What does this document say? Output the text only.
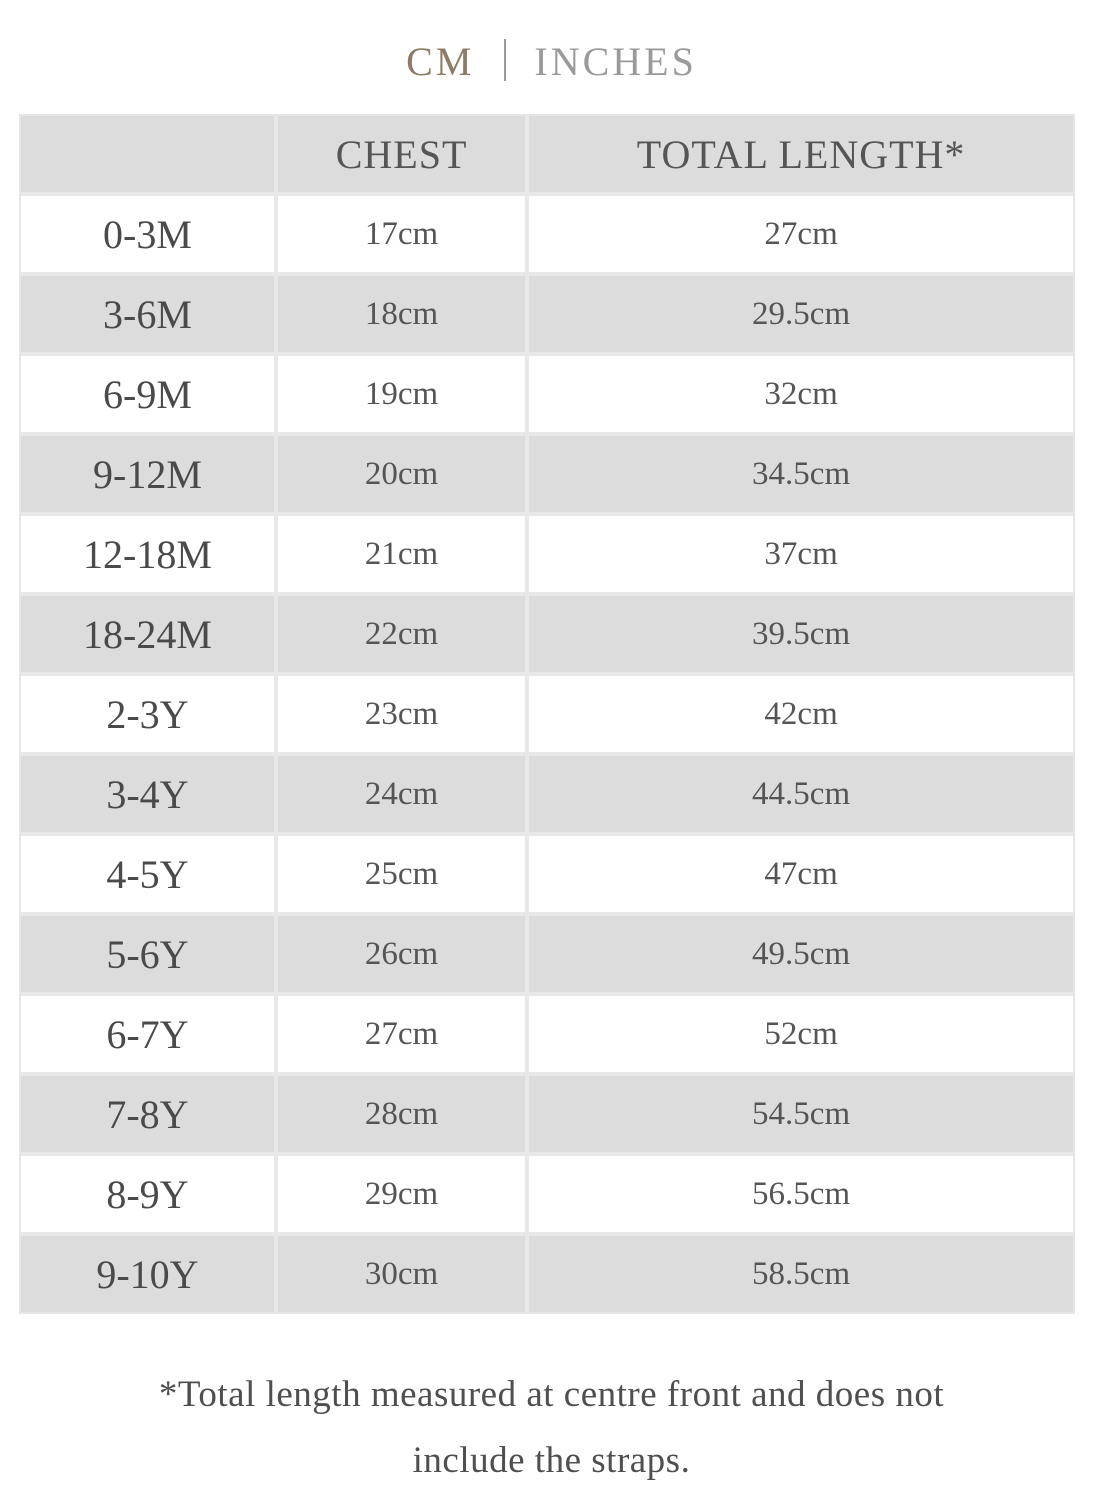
CM INCHES
	CHEST	TOTAL LENGTH*
0-3M	17cm	27cm
3-6M	18cm	29.5cm
6-9M	19cm	32cm
9-12M	20cm	34.5cm
12-18M	21cm	37cm
18-24M	22cm	39.5cm
2-3Y	23cm	42cm
3-4Y	24cm	44.5cm
4-5Y	25cm	47cm
5-6Y	26cm	49.5cm
6-7Y	27cm	52cm
7-8Y	28cm	54.5cm
8-9Y	29cm	56.5cm
9-10Y	30cm	58.5cm
*Total length measured at centre front and does not
include the straps.
